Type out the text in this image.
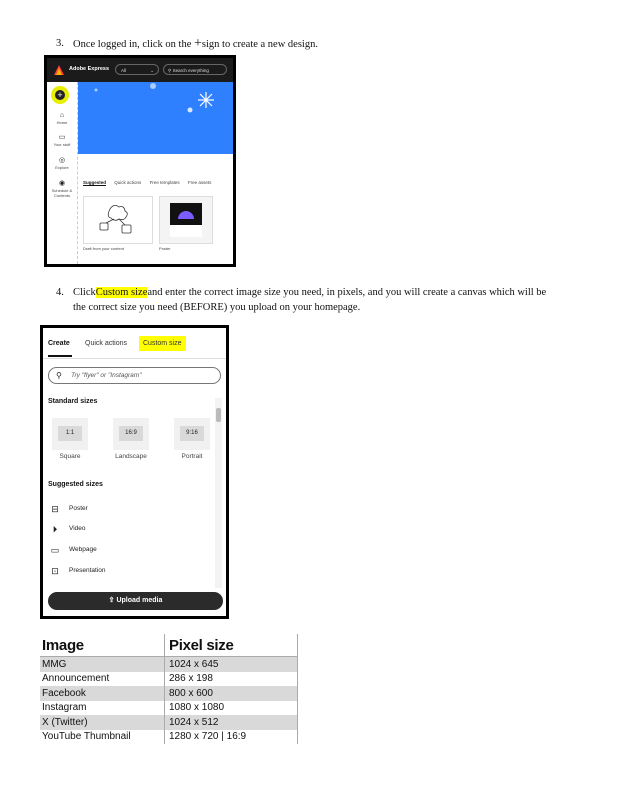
3. Once logged in, click on the +sign to create a new design.
Adobe Express	All	⌄	⚲ Search everything
+
⌂
Home
▭
Your stuff
◎
Explore
◉
Schedule & Contents
Suggested Quick actions Free templates Free assets
Draft from your content	Poster
4. ClickCustom sizeand enter the correct image size you need, in pixels, and you will create a canvas which will be
the correct size you need (BEFORE) you upload on your homepage.
Create Quick actions	Custom size
⚲ Try "flyer" or "Instagram"
Standard sizes
1:1	16:9	9:16
Square	Landscape	Portrait
Suggested sizes
⊟	Poster
⏵	Video
▭ Webpage
⊡	Presentation
⇪ Upload media
Image	Pixel size
MMG	1024 x 645
Announcement	286 x 198
Facebook	800 x 600
Instagram	1080 x 1080
X (Twitter)	1024 x 512
YouTube Thumbnail	1280 x 720 | 16:9
